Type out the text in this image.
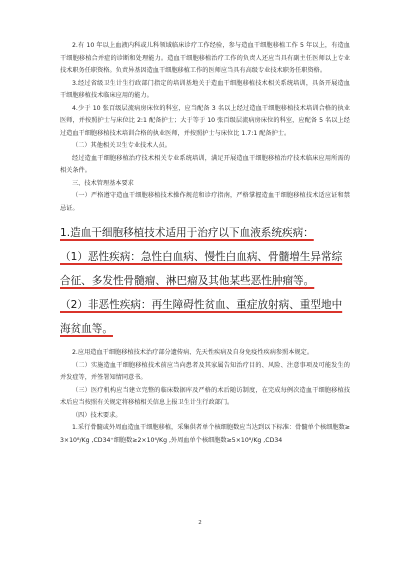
2.有 10 年以上血液内科或儿科领域临床诊疗工作经验，参与造血干细胞移植工作 5 年以上，有造血干细胞移植合并症的诊断和处理能力。造血干细胞移植治疗工作的负责人还应当具有副主任医师以上专业技术职务任职资格。负责异基因造血干细胞移植工作的医师应当具有高级专业技术职务任职资格。

3.经过省级卫生计生行政部门指定的培训基地关于造血干细胞移植技术相关系统培训，具备开展造血干细胞移植技术临床应用的能力。

4.少于 10 张百级层流病房床位的科室，应当配备 3 名以上经过造血干细胞移植技术培训合格的执业医师，并按照护士与床位比 2:1 配备护士；大于等于 10 张百级层流病房床位的科室，应配备 5 名以上经过造血干细胞移植技术培训合格的执业医师，并按照护士与床位比 1.7:1 配备护士。

（二）其他相关卫生专业技术人员。

经过造血干细胞移植治疗技术相关专业系统培训，满足开展造血干细胞移植治疗技术临床应用所需的相关条件。

三、技术管理基本要求

（一）严格遵守造血干细胞移植技术操作规范和诊疗指南，严格掌握造血干细胞移植技术适应证和禁忌证。

1.造血干细胞移植技术适用于治疗以下血液系统疾病：

（1）恶性疾病：急性白血病、慢性白血病、骨髓增生异常综合征、多发性骨髓瘤、淋巴瘤及其他某些恶性肿瘤等。

（2）非恶性疾病：再生障碍性贫血、重症放射病、重型地中海贫血等。

2.应用造血干细胞移植技术治疗部分遗传病、先天性疾病及自身免疫性疾病参照本规定。

（二）实施造血干细胞移植技术前应当向患者及其家属告知治疗目的、风险、注意事项及可能发生的并发症等，并签署知情同意书。

（三）医疗机构应当建立完整的临床数据库及严格的术后随访制度，在完成每例次造血干细胞移植技术后应当按照有关规定将移植相关信息上报卫生计生行政部门。

（四）技术要求。

1.采行骨髓或外周血造血干细胞移植，采集供者单个核细胞数应当达到以下标准：骨髓单个核细胞数≥3×10⁸/Kg ,CD34⁺细胞数≥2×10⁶/Kg ,外周血单个核细胞数≥5×10⁸/Kg ,CD34

2
